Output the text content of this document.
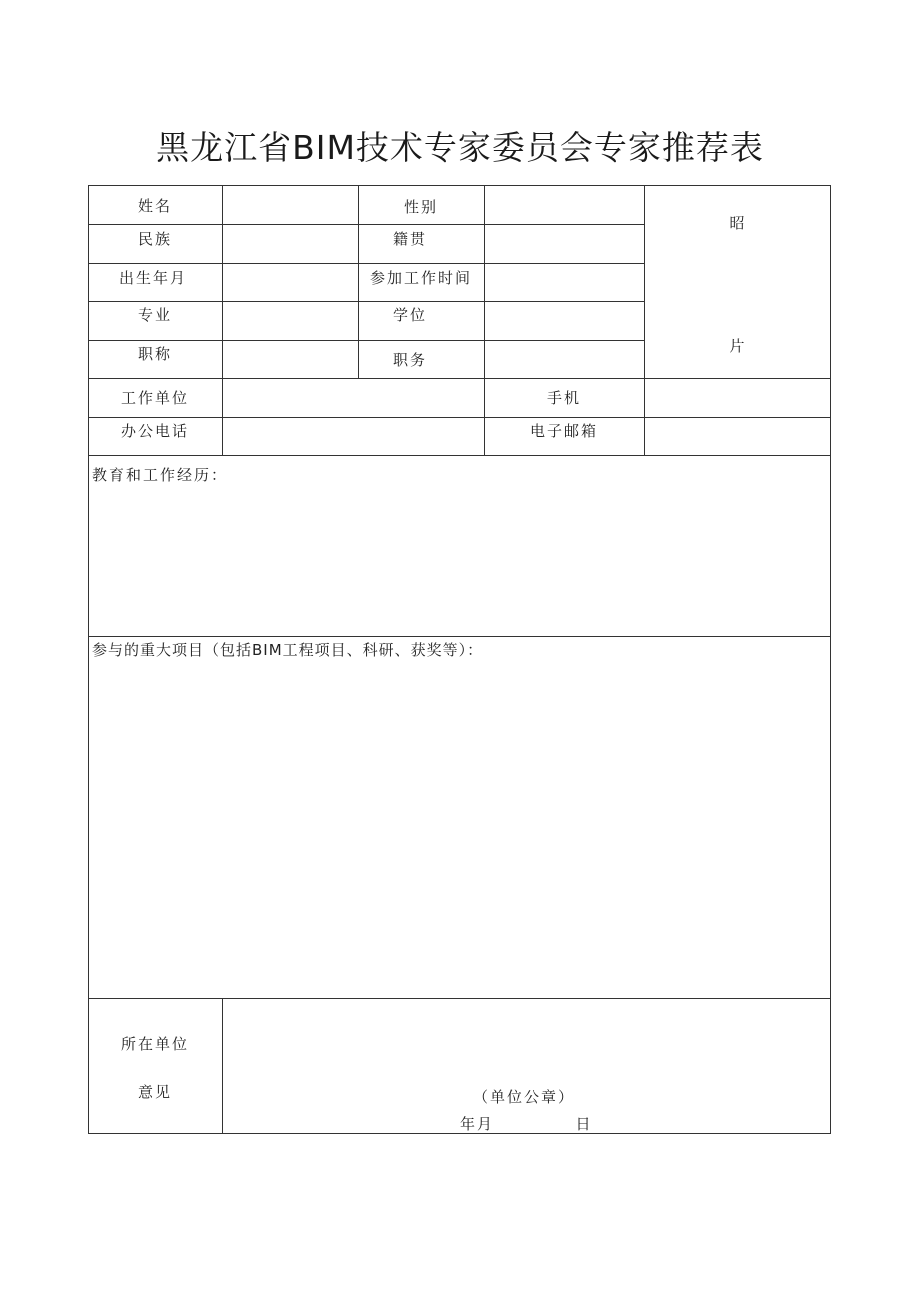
黑龙江省BIM技术专家委员会专家推荐表
姓名	性别
昭
片
民族	籍贯
出生年月	参加工作时间
专业	学位
职称	职务
工作单位	手机
办公电话	电子邮箱
教育和工作经历：
参与的重大项目（包括BIM工程项目、科研、获奖等）：
所在单位
意见	（单位公章）
年月	日
